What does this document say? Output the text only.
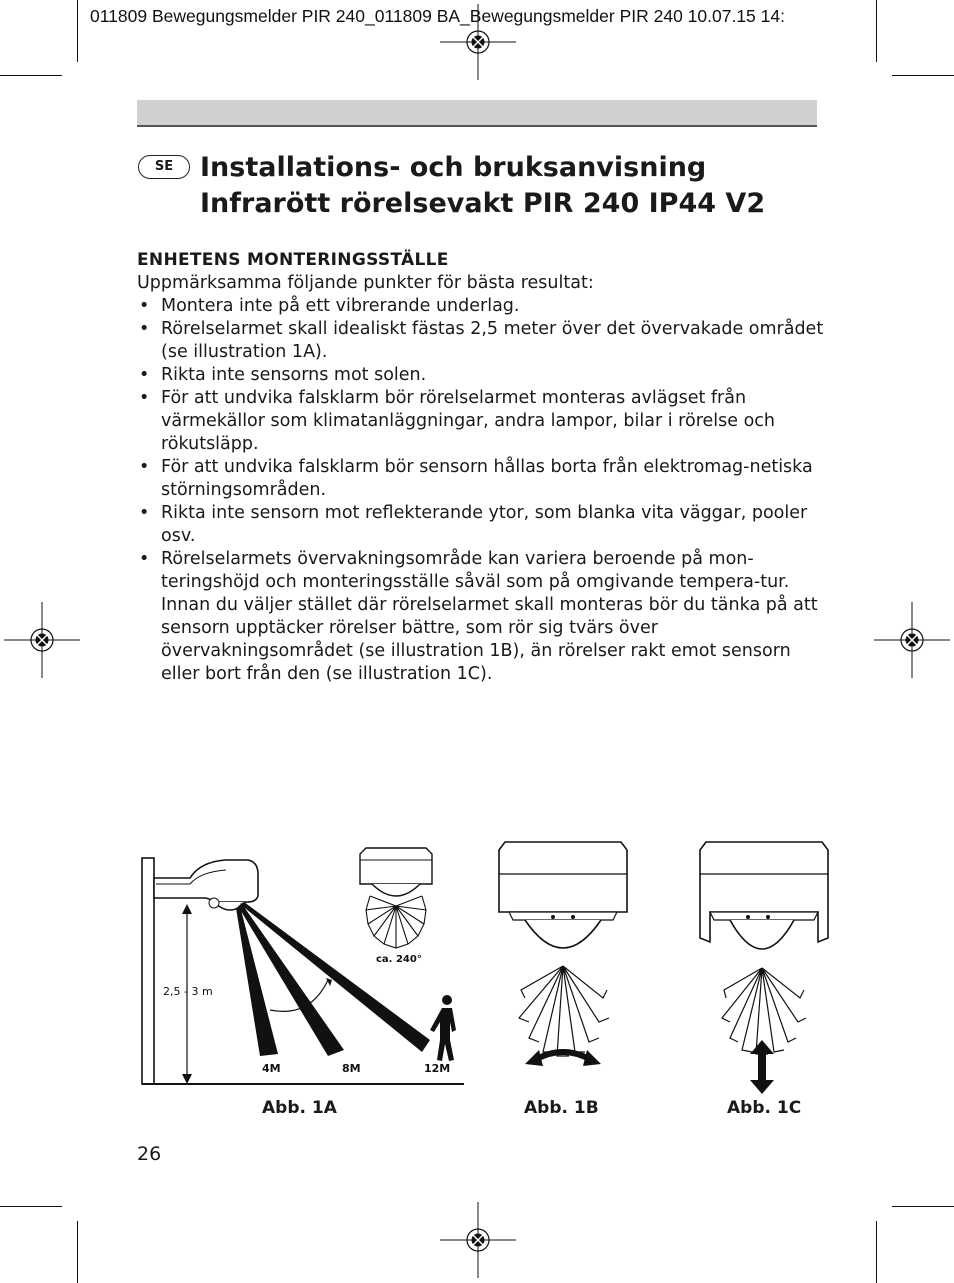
011809 Bewegungsmelder PIR 240_011809 BA_Bewegungsmelder PIR 240 10.07.15 14:
SE Installations- och bruksanvisning
Infrarött rörelsevakt PIR 240 IP44 V2
ENHETENS MONTERINGSSTÄLLE

Uppmärksamma följande punkter för bästa resultat:

• Montera inte på ett vibrerande underlag.
• Rörelselarmet skall idealiskt fästas 2,5 meter över det övervakade området (se illustration 1A).
• Rikta inte sensorns mot solen.
• För att undvika falsklarm bör rörelselarmet monteras avlägset från värmekällor som klimatanläggningar, andra lampor, bilar i rörelse och rökutsläpp.
• För att undvika falsklarm bör sensorn hållas borta från elektromag-netiska störningsområden.
• Rikta inte sensorn mot reflekterande ytor, som blanka vita väggar, pooler osv.
• Rörelselarmets övervakningsområde kan variera beroende på mon-teringshöjd och monteringsställe såväl som på omgivande tempera-tur. Innan du väljer stället där rörelselarmet skall monteras bör du tänka på att sensorn upptäcker rörelser bättre, som rör sig tvärs över övervakningsområdet (se illustration 1B), än rörelser rakt emot sensorn eller bort från den (se illustration 1C).
2,5 - 3 m
4M	8M	12M
ca. 240°
Abb. 1A	Abb. 1B	Abb. 1C
26
